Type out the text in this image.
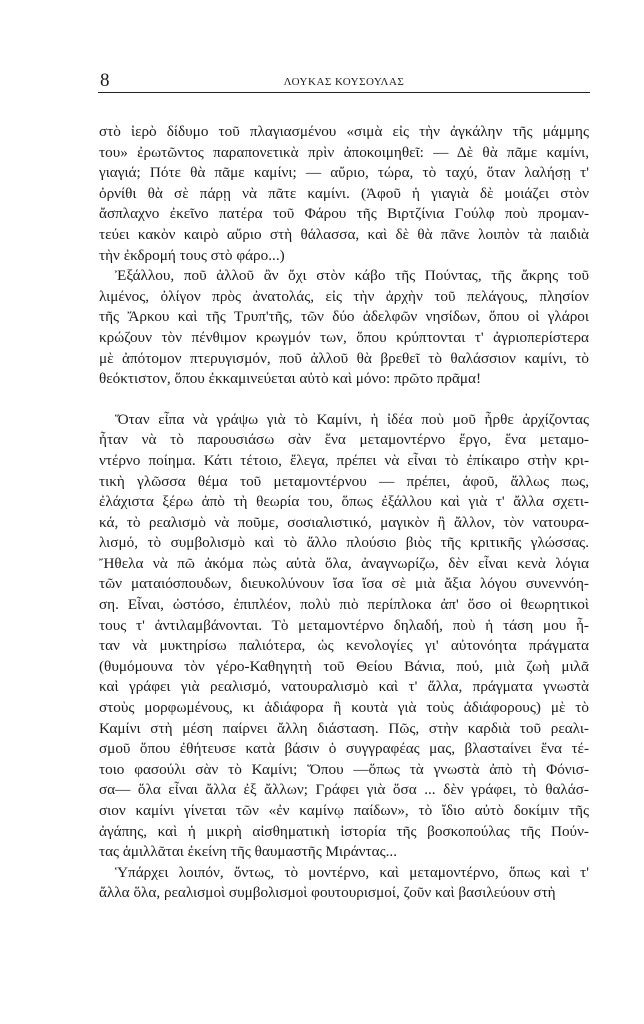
8	ΛΟΥΚΑΣ ΚΟΥΣΟΥΛΑΣ
στὸ ἱερὸ δίδυμο τοῦ πλαγιασμένου «σιμὰ εἰς τὴν ἀγκάλην τῆς μάμμης
του» ἐρωτῶντος παραπονετικὰ πρὶν ἀποκοιμηθεῖ: — Δὲ θὰ πᾶμε καμίνι,
γιαγιά; Πότε θὰ πᾶμε καμίνι; — αὔριο, τώρα, τὸ ταχύ, ὅταν λαλήσῃ τ'
ὀρνίθι θὰ σὲ πάρῃ νὰ πᾶτε καμίνι. (Ἀφοῦ ἡ γιαγιὰ δὲ μοιάζει στὸν
ἄσπλαχνο ἐκεῖνο πατέρα τοῦ Φάρου τῆς Βιρτζίνια Γούλφ ποὺ προμαν-
τεύει κακὸν καιρὸ αὔριο στὴ θάλασσα, καὶ δὲ θὰ πᾶνε λοιπὸν τὰ παιδιὰ
τὴν ἐκδρομή τους στὸ φάρο...)
Ἐξάλλου, ποῦ ἀλλοῦ ἂν ὄχι στὸν κάβο τῆς Πούντας, τῆς ἄκρης τοῦ
λιμένος, ὀλίγον πρὸς ἀνατολάς, εἰς τὴν ἀρχὴν τοῦ πελάγους, πλησίον
τῆς Ἄρκου καὶ τῆς Τρυπ'τῆς, τῶν δύο ἀδελφῶν νησίδων, ὅπου οἱ γλάροι
κρώζουν τὸν πένθιμον κρωγμόν των, ὅπου κρύπτονται τ' ἀγριοπερίστερα
μὲ ἀπότομον πτερυγισμόν, ποῦ ἀλλοῦ θὰ βρεθεῖ τὸ θαλάσσιον καμίνι, τὸ
θεόκτιστον, ὅπου ἐκκαμινεύεται αὐτὸ καὶ μόνο: πρῶτο πρᾶμα!
Ὅταν εἶπα νὰ γράψω γιὰ τὸ Καμίνι, ἡ ἰδέα ποὺ μοῦ ἦρθε ἀρχίζοντας
ἦταν νὰ τὸ παρουσιάσω σὰν ἕνα μεταμοντέρνο ἔργο, ἕνα μεταμο-
ντέρνο ποίημα. Κάτι τέτοιο, ἔλεγα, πρέπει νὰ εἶναι τὸ ἐπίκαιρο στὴν κρι-
τικὴ γλῶσσα θέμα τοῦ μεταμοντέρνου — πρέπει, ἀφοῦ, ἄλλως πως,
ἐλάχιστα ξέρω ἀπὸ τὴ θεωρία του, ὅπως ἐξάλλου καὶ γιὰ τ' ἄλλα σχετι-
κά, τὸ ρεαλισμὸ νὰ ποῦμε, σοσιαλιστικό, μαγικὸν ἢ ἄλλον, τὸν νατουρα-
λισμό, τὸ συμβολισμὸ καὶ τὸ ἄλλο πλούσιο βιὸς τῆς κριτικῆς γλώσσας.
Ἤθελα νὰ πῶ ἀκόμα πὼς αὐτὰ ὅλα, ἀναγνωρίζω, δὲν εἶναι κενὰ λόγια
τῶν ματαιόσπουδων, διευκολύνουν ἴσα ἴσα σὲ μιὰ ἄξια λόγου συνεννόη-
ση. Εἶναι, ὡστόσο, ἐπιπλέον, πολὺ πιὸ περίπλοκα ἀπ' ὅσο οἱ θεωρητικοὶ
τους τ' ἀντιλαμβάνονται. Τὸ μεταμοντέρνο δηλαδή, ποὺ ἡ τάση μου ἦ-
ταν νὰ μυκτηρίσω παλιότερα, ὡς κενολογίες γι' αὐτονόητα πράγματα
(θυμόμουνα τὸν γέρο-Καθηγητὴ τοῦ Θείου Βάνια, πού, μιὰ ζωὴ μιλᾶ
καὶ γράφει γιὰ ρεαλισμό, νατουραλισμὸ καὶ τ' ἄλλα, πράγματα γνωστὰ
στοὺς μορφωμένους, κι ἀδιάφορα ἢ κουτὰ γιὰ τοὺς ἀδιάφορους) μὲ τὸ
Καμίνι στὴ μέση παίρνει ἄλλη διάσταση. Πῶς, στὴν καρδιὰ τοῦ ρεαλι-
σμοῦ ὅπου ἐθήτευσε κατὰ βάσιν ὁ συγγραφέας μας, βλασταίνει ἕνα τέ-
τοιο φασούλι σὰν τὸ Καμίνι; Ὅπου —ὅπως τὰ γνωστὰ ἀπὸ τὴ Φόνισ-
σα— ὅλα εἶναι ἄλλα ἐξ ἄλλων; Γράφει γιὰ ὅσα ... δὲν γράφει, τὸ θαλάσ-
σιον καμίνι γίνεται τῶν «ἐν καμίνῳ παίδων», τὸ ἴδιο αὐτὸ δοκίμιν τῆς
ἀγάπης, καὶ ἡ μικρὴ αἰσθηματικὴ ἱστορία τῆς βοσκοπούλας τῆς Πούν-
τας ἁμιλλᾶται ἐκείνη τῆς θαυμαστῆς Μιράντας...
Ὑπάρχει λοιπόν, ὄντως, τὸ μοντέρνο, καὶ μεταμοντέρνο, ὅπως καὶ τ'
ἄλλα ὅλα, ρεαλισμοὶ συμβολισμοὶ φουτουρισμοί, ζοῦν καὶ βασιλεύουν στὴ
